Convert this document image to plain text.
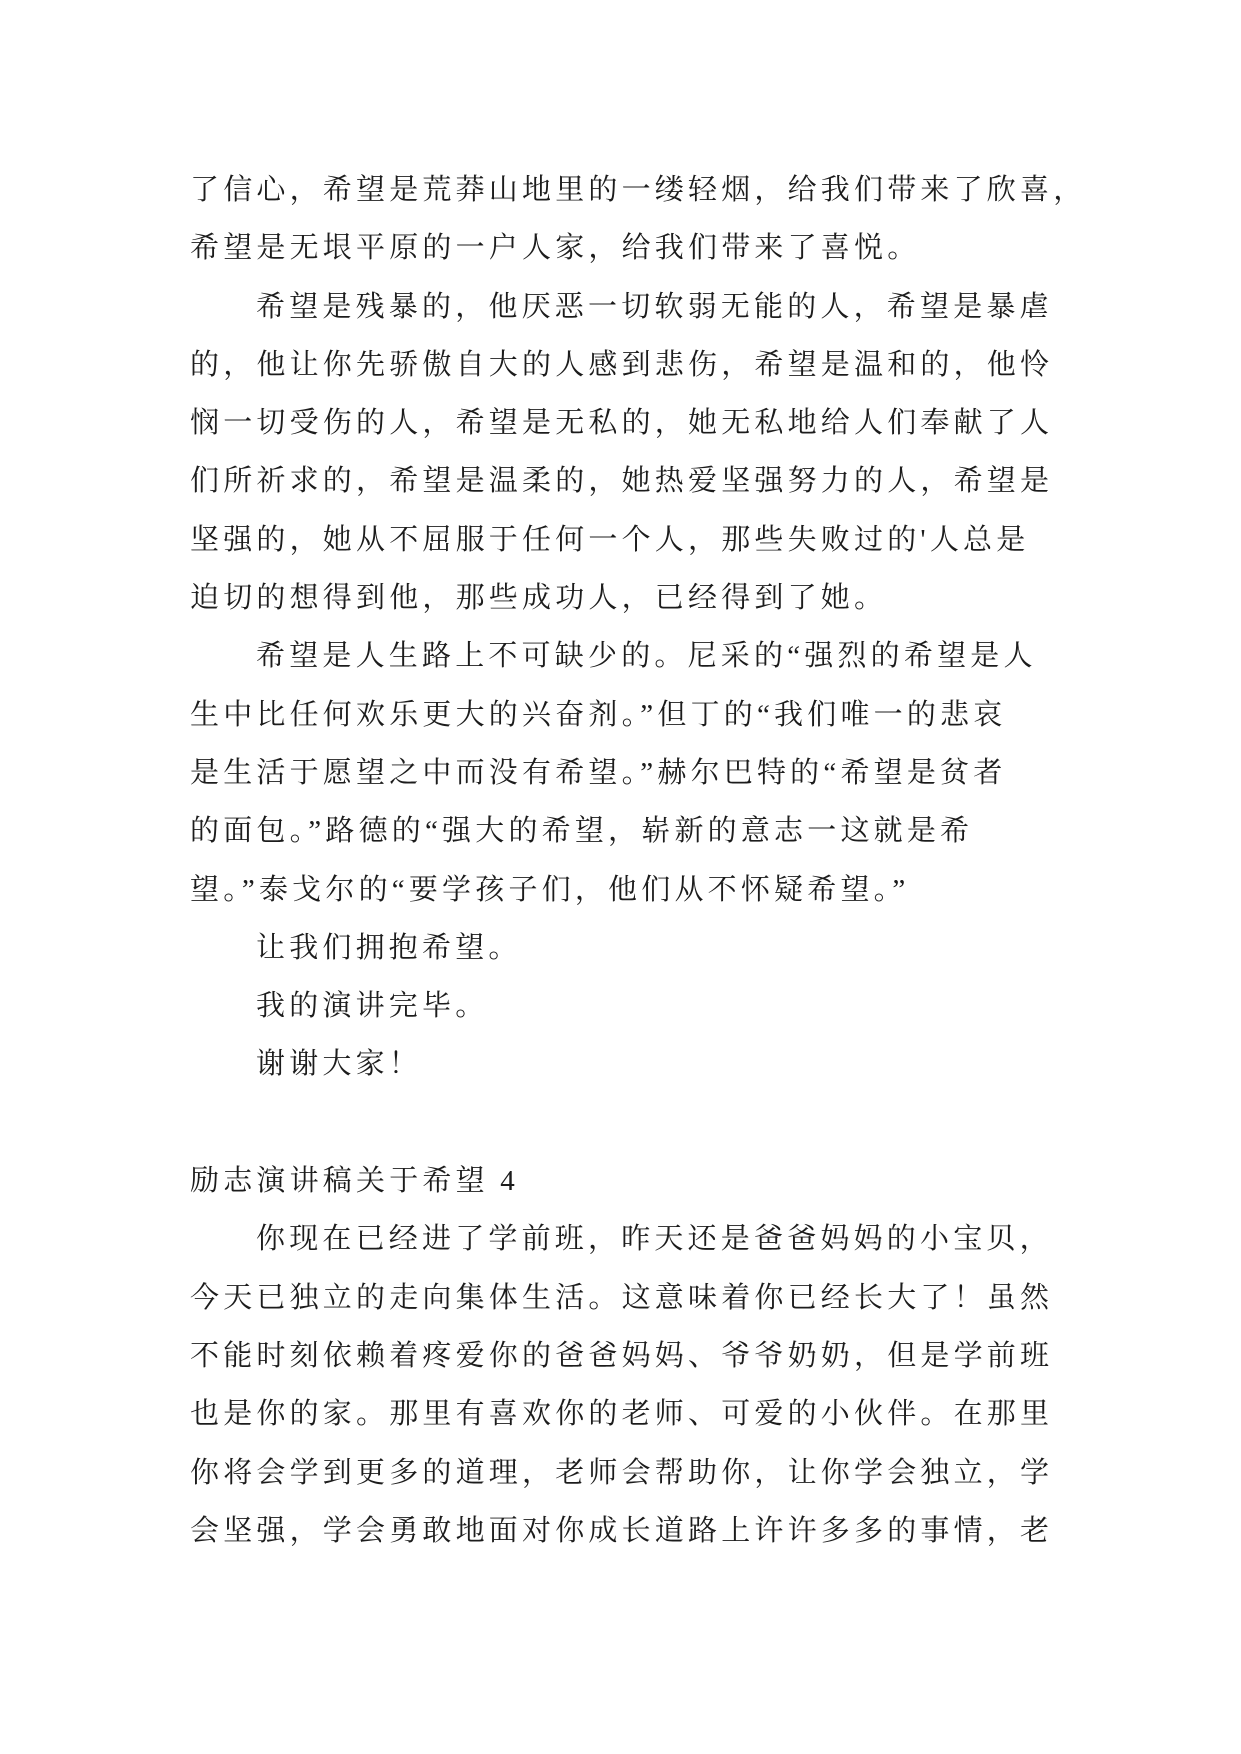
了信心，希望是荒莽山地里的一缕轻烟，给我们带来了欣喜，
希望是无垠平原的一户人家，给我们带来了喜悦。
希望是残暴的，他厌恶一切软弱无能的人，希望是暴虐
的，他让你先骄傲自大的人感到悲伤，希望是温和的，他怜
悯一切受伤的人，希望是无私的，她无私地给人们奉献了人
们所祈求的，希望是温柔的，她热爱坚强努力的人，希望是
坚强的，她从不屈服于任何一个人，那些失败过的'人总是
迫切的想得到他，那些成功人，已经得到了她。
希望是人生路上不可缺少的。尼采的“强烈的希望是人
生中比任何欢乐更大的兴奋剂。”但丁的“我们唯一的悲哀
是生活于愿望之中而没有希望。”赫尔巴特的“希望是贫者
的面包。”路德的“强大的希望，崭新的意志一这就是希
望。”泰戈尔的“要学孩子们，他们从不怀疑希望。”
让我们拥抱希望。
我的演讲完毕。
谢谢大家！
励志演讲稿关于希望 4
你现在已经进了学前班，昨天还是爸爸妈妈的小宝贝，
今天已独立的走向集体生活。这意味着你已经长大了！虽然
不能时刻依赖着疼爱你的爸爸妈妈、爷爷奶奶，但是学前班
也是你的家。那里有喜欢你的老师、可爱的小伙伴。在那里
你将会学到更多的道理，老师会帮助你，让你学会独立，学
会坚强，学会勇敢地面对你成长道路上许许多多的事情，老
